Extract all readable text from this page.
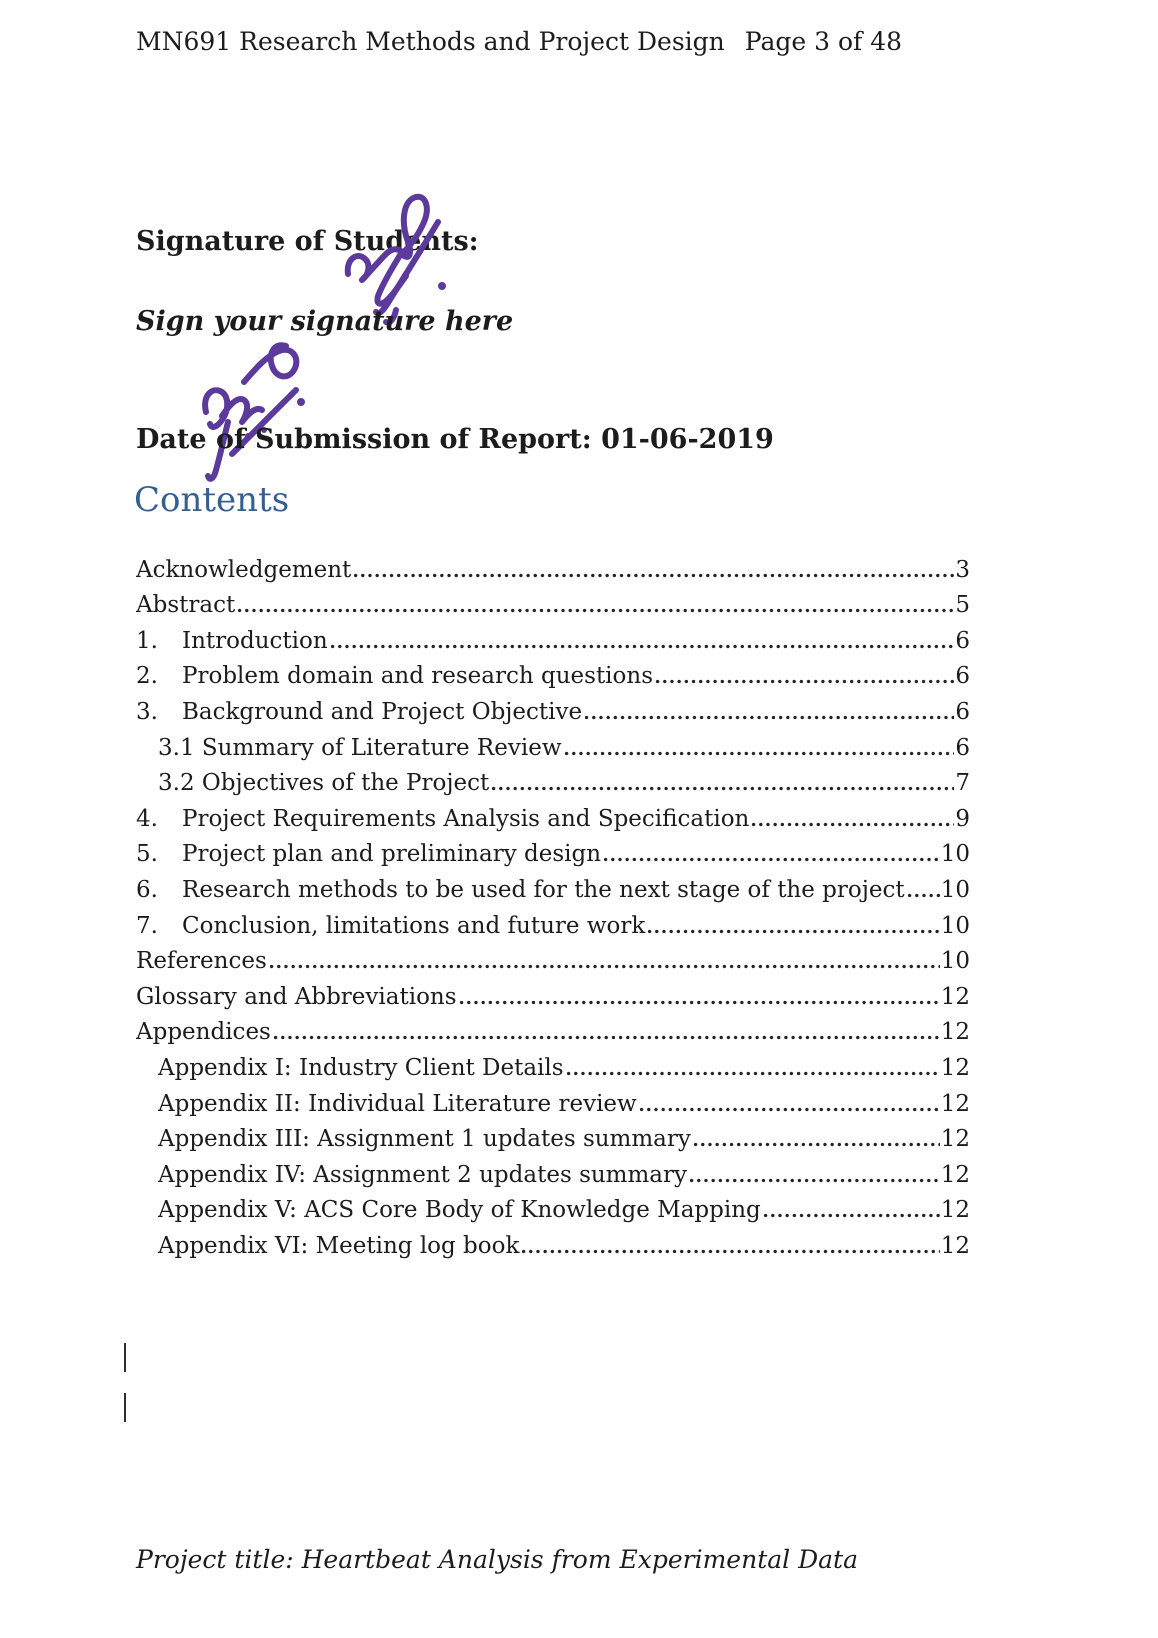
MN691 Research Methods and Project Design Page 3 of 48
Signature of Students:
Sign your signature here
Date of Submission of Report: 01-06-2019
Contents
Acknowledgement	3
Abstract	5
1.	Introduction	6
2.	Problem domain and research questions	6
3.	Background and Project Objective	6
3.1 Summary of Literature Review	6
3.2 Objectives of the Project	7
4.	Project Requirements Analysis and Specification	9
5.	Project plan and preliminary design	10
6.	Research methods to be used for the next stage of the project 10
7.	Conclusion, limitations and future work	10
References	10
Glossary and Abbreviations	12
Appendices	12
Appendix I: Industry Client Details	12
Appendix II: Individual Literature review	12
Appendix III: Assignment 1 updates summary	12
Appendix IV: Assignment 2 updates summary	12
Appendix V: ACS Core Body of Knowledge Mapping	12
Appendix VI: Meeting log book	12
Project title: Heartbeat Analysis from Experimental Data
